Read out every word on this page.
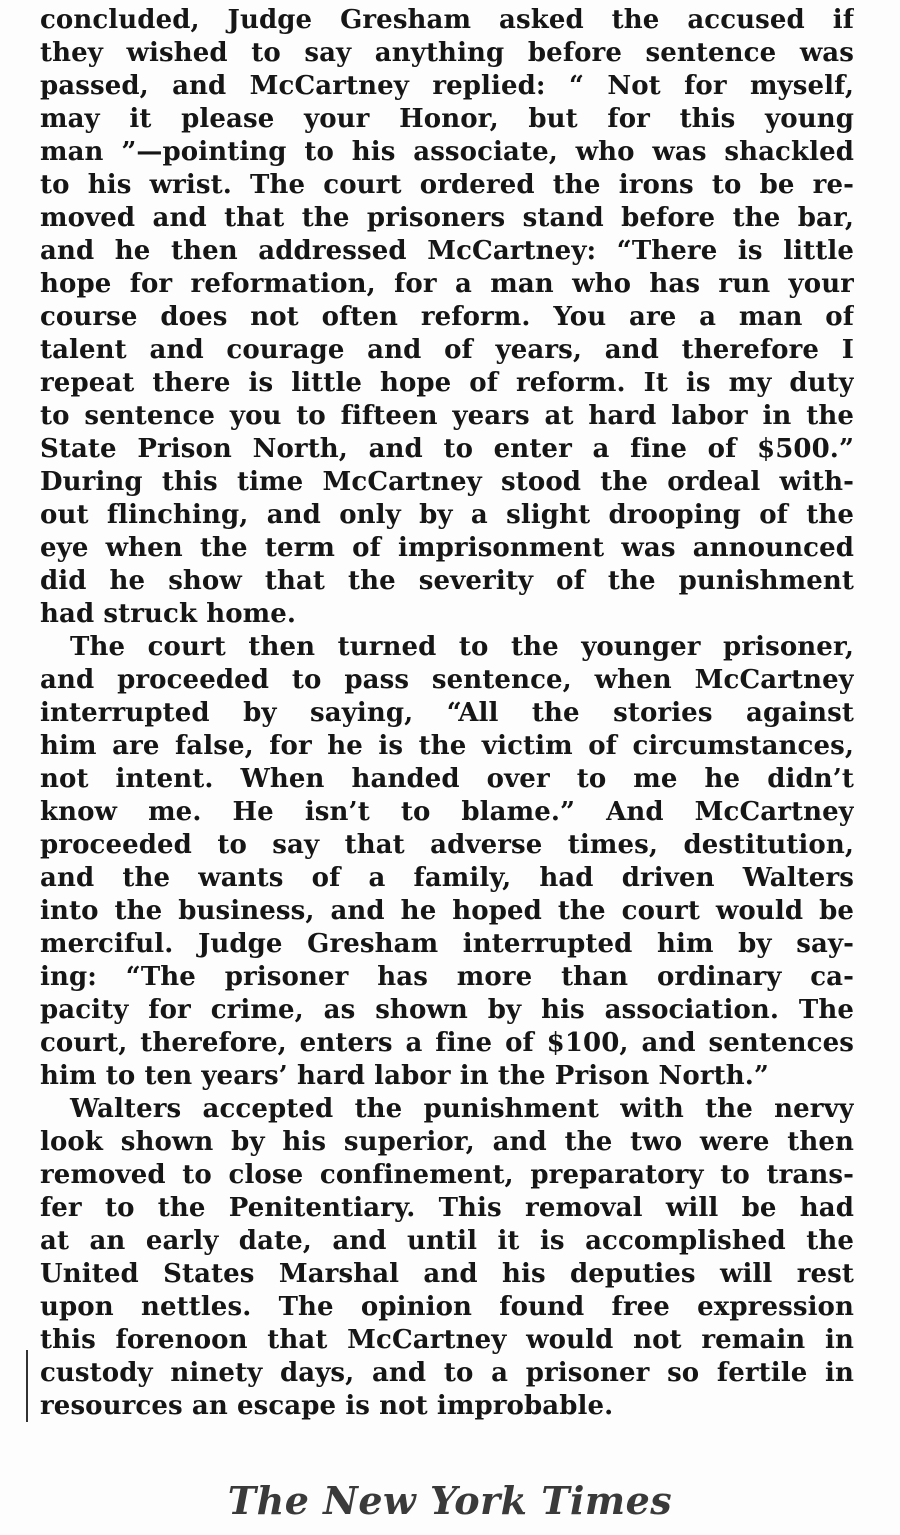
concluded, Judge Gresham asked the accused if
they wished to say anything before sentence was
passed, and McCartney replied: “ Not for myself,
may it please your Honor, but for this young
man ”—pointing to his associate, who was shackled
to his wrist. The court ordered the irons to be re-
moved and that the prisoners stand before the bar,
and he then addressed McCartney: “There is little
hope for reformation, for a man who has run your
course does not often reform. You are a man of
talent and courage and of years, and therefore I
repeat there is little hope of reform. It is my duty
to sentence you to fifteen years at hard labor in the
State Prison North, and to enter a fine of $500.”
During this time McCartney stood the ordeal with-
out flinching, and only by a slight drooping of the
eye when the term of imprisonment was announced
did he show that the severity of the punishment
had struck home.
The court then turned to the younger prisoner,
and proceeded to pass sentence, when McCartney
interrupted by saying, “All the stories against
him are false, for he is the victim of circumstances,
not intent. When handed over to me he didn’t
know me. He isn’t to blame.” And McCartney
proceeded to say that adverse times, destitution,
and the wants of a family, had driven Walters
into the business, and he hoped the court would be
merciful. Judge Gresham interrupted him by say-
ing: “The prisoner has more than ordinary ca-
pacity for crime, as shown by his association. The
court, therefore, enters a fine of $100, and sentences
him to ten years’ hard labor in the Prison North.”
Walters accepted the punishment with the nervy
look shown by his superior, and the two were then
removed to close confinement, preparatory to trans-
fer to the Penitentiary. This removal will be had
at an early date, and until it is accomplished the
United States Marshal and his deputies will rest
upon nettles. The opinion found free expression
this forenoon that McCartney would not remain in
custody ninety days, and to a prisoner so fertile in
resources an escape is not improbable.
The New York Times
